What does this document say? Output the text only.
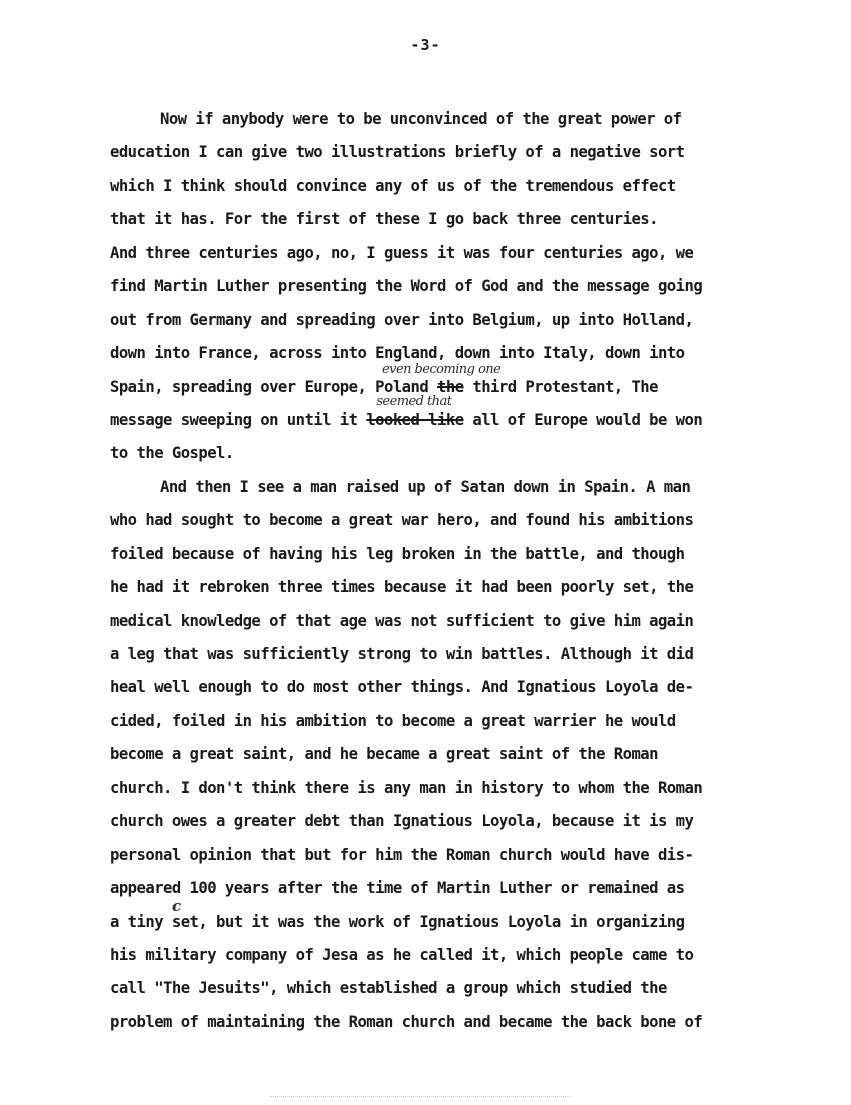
-3-
Now if anybody were to be unconvinced of the great power of
education I can give two illustrations briefly of a negative sort
which I think should convince any of us of the tremendous effect
that it has. For the first of these I go back three centuries.
And three centuries ago, no, I guess it was four centuries ago, we
find Martin Luther presenting the Word of God and the message going
out from Germany and spreading over into Belgium, up into Holland,
down into France, across into England, down into Italy, down into
Spain, spreading over Europe, Poland
even becoming one
the third Protestant, The
message sweeping on until it
seemed that
looked like all of Europe would be won
to the Gospel.
And then I see a man raised up of Satan down in Spain. A man
who had sought to become a great war hero, and found his ambitions
foiled because of having his leg broken in the battle, and though
he had it rebroken three times because it had been poorly set, the
medical knowledge of that age was not sufficient to give him again
a leg that was sufficiently strong to win battles. Although it did
heal well enough to do most other things. And Ignatious Loyola de-
cided, foiled in his ambition to become a great warrier he would
become a great saint, and he became a great saint of the Roman
church. I don't think there is any man in history to whom the Roman
church owes a greater debt than Ignatious Loyola, because it is my
personal opinion that but for him the Roman church would have dis-
appeared 100 years after the time of Martin Luther or remained as
a tiny set, but it was the work of Ignatious Loyola in organizing
c
his military company of Jesa as he called it, which people came to
call "The Jesuits", which established a group which studied the
problem of maintaining the Roman church and became the back bone of
